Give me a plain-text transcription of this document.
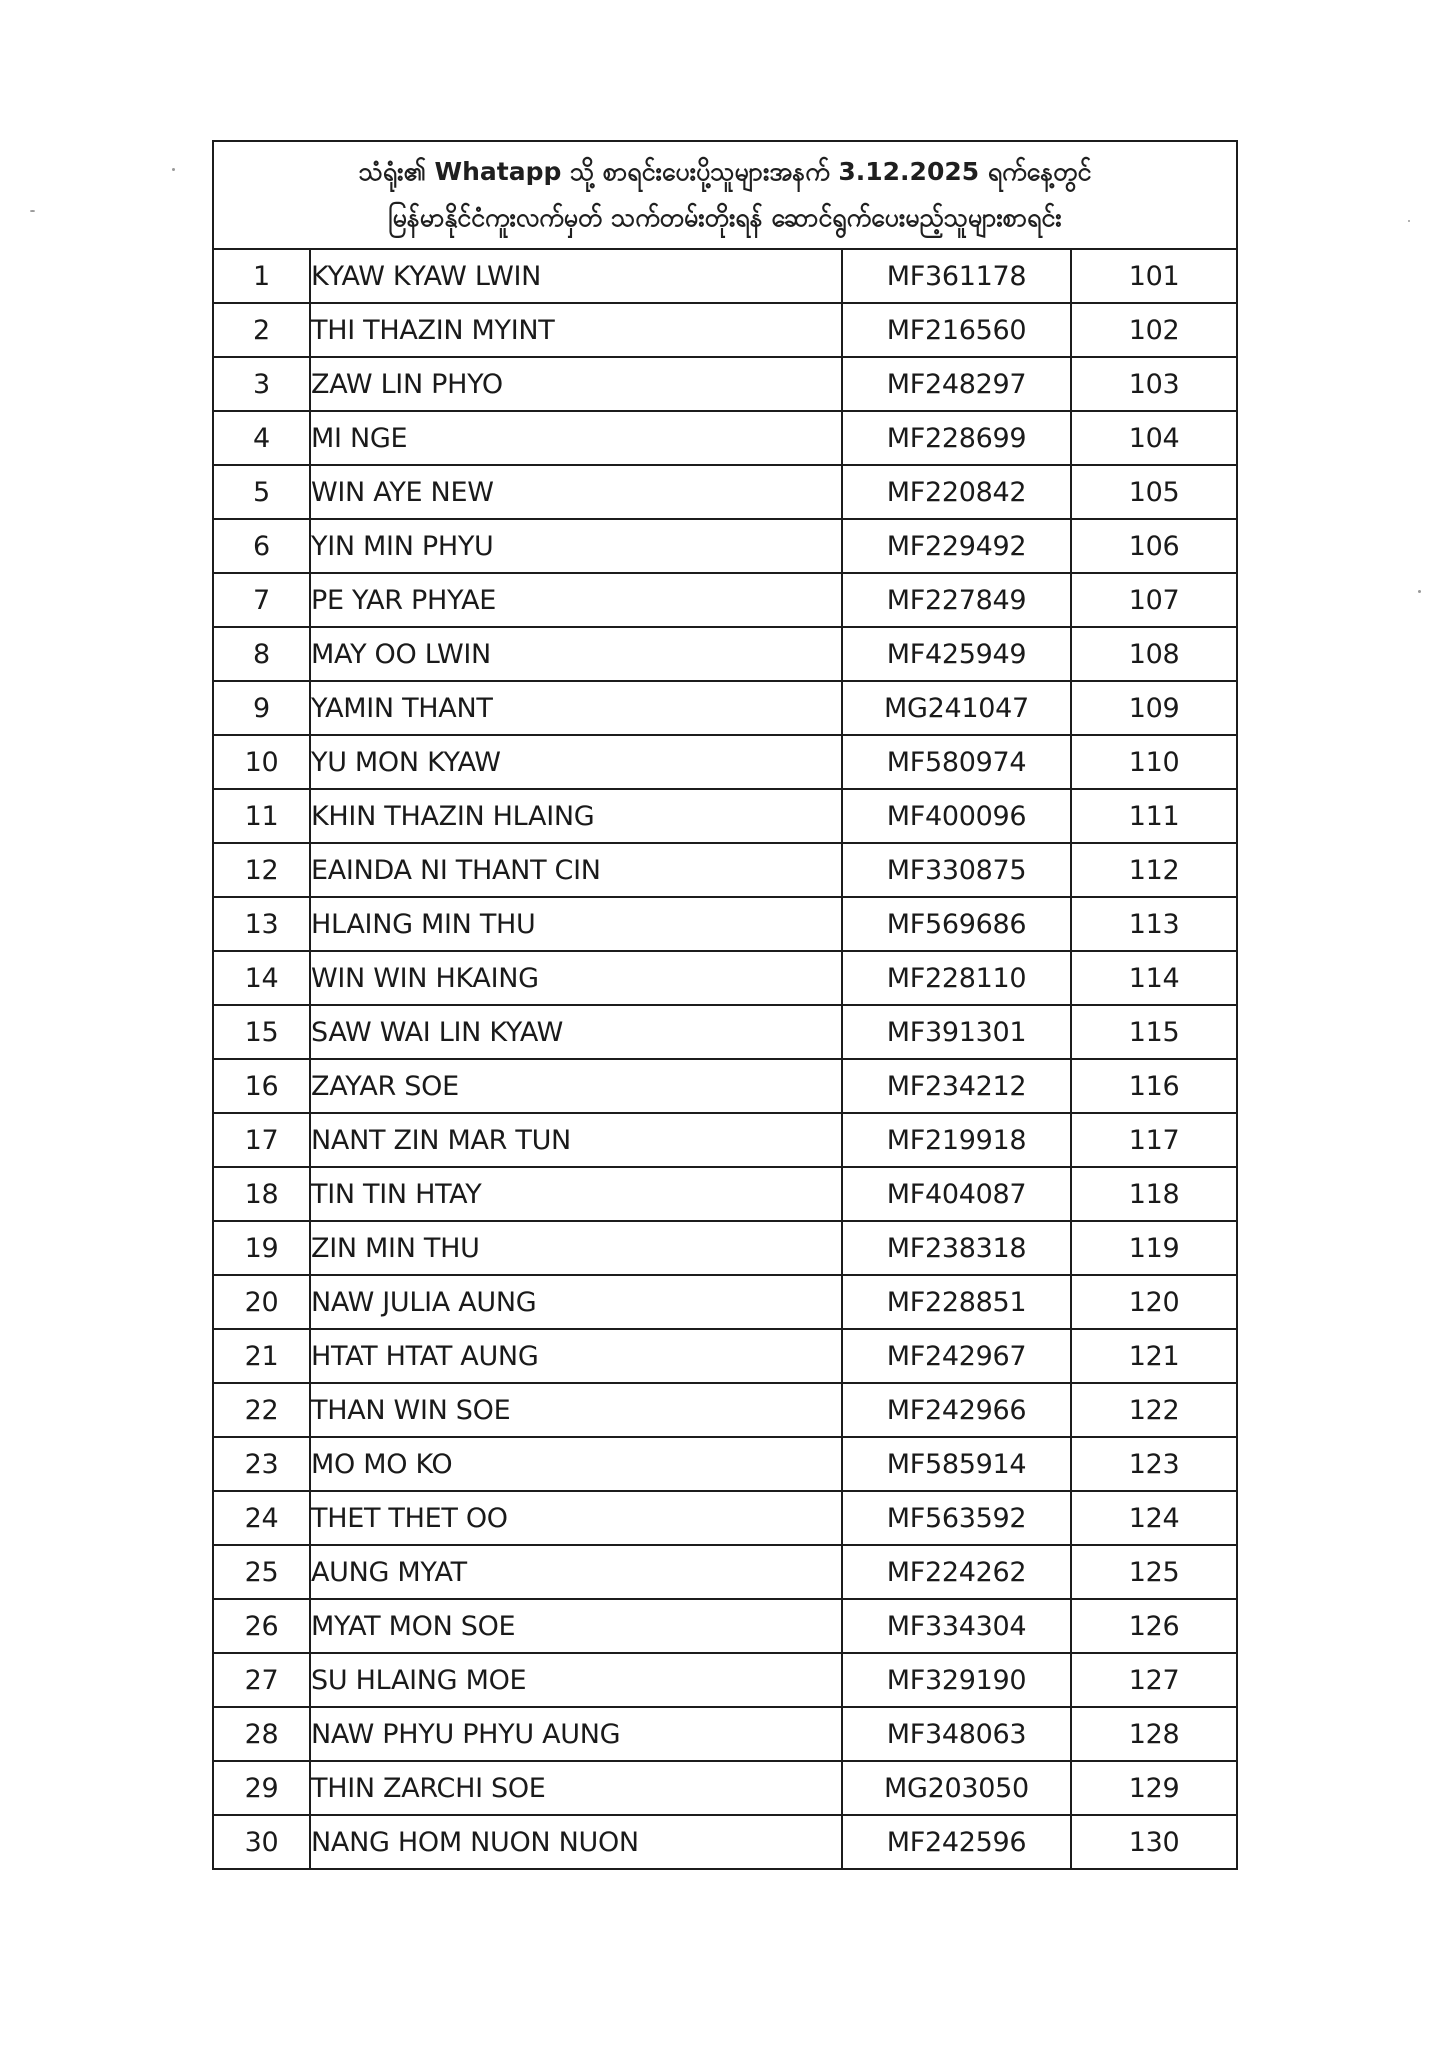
သံရုံး၏ Whatapp သို့ စာရင်းပေးပို့သူများအနက် 3.12.2025 ရက်နေ့တွင်
မြန်မာနိုင်ငံကူးလက်မှတ် သက်တမ်းတိုးရန် ဆောင်ရွက်ပေးမည့်သူများစာရင်း			

1	KYAW KYAW LWIN	MF361178	101
2	THI THAZIN MYINT	MF216560	102
3	ZAW LIN PHYO	MF248297	103
4	MI NGE	MF228699	104
5	WIN AYE NEW	MF220842	105
6	YIN MIN PHYU	MF229492	106
7	PE YAR PHYAE	MF227849	107
8	MAY OO LWIN	MF425949	108
9	YAMIN THANT	MG241047	109
10	YU MON KYAW	MF580974	110
11	KHIN THAZIN HLAING	MF400096	111
12	EAINDA NI THANT CIN	MF330875	112
13	HLAING MIN THU	MF569686	113
14	WIN WIN HKAING	MF228110	114
15	SAW WAI LIN KYAW	MF391301	115
16	ZAYAR SOE	MF234212	116
17	NANT ZIN MAR TUN	MF219918	117
18	TIN TIN HTAY	MF404087	118
19	ZIN MIN THU	MF238318	119
20	NAW JULIA AUNG	MF228851	120
21	HTAT HTAT AUNG	MF242967	121
22	THAN WIN SOE	MF242966	122
23	MO MO KO	MF585914	123
24	THET THET OO	MF563592	124
25	AUNG MYAT	MF224262	125
26	MYAT MON SOE	MF334304	126
27	SU HLAING MOE	MF329190	127
28	NAW PHYU PHYU AUNG	MF348063	128
29	THIN ZARCHI SOE	MG203050	129
30	NANG HOM NUON NUON	MF242596	130
